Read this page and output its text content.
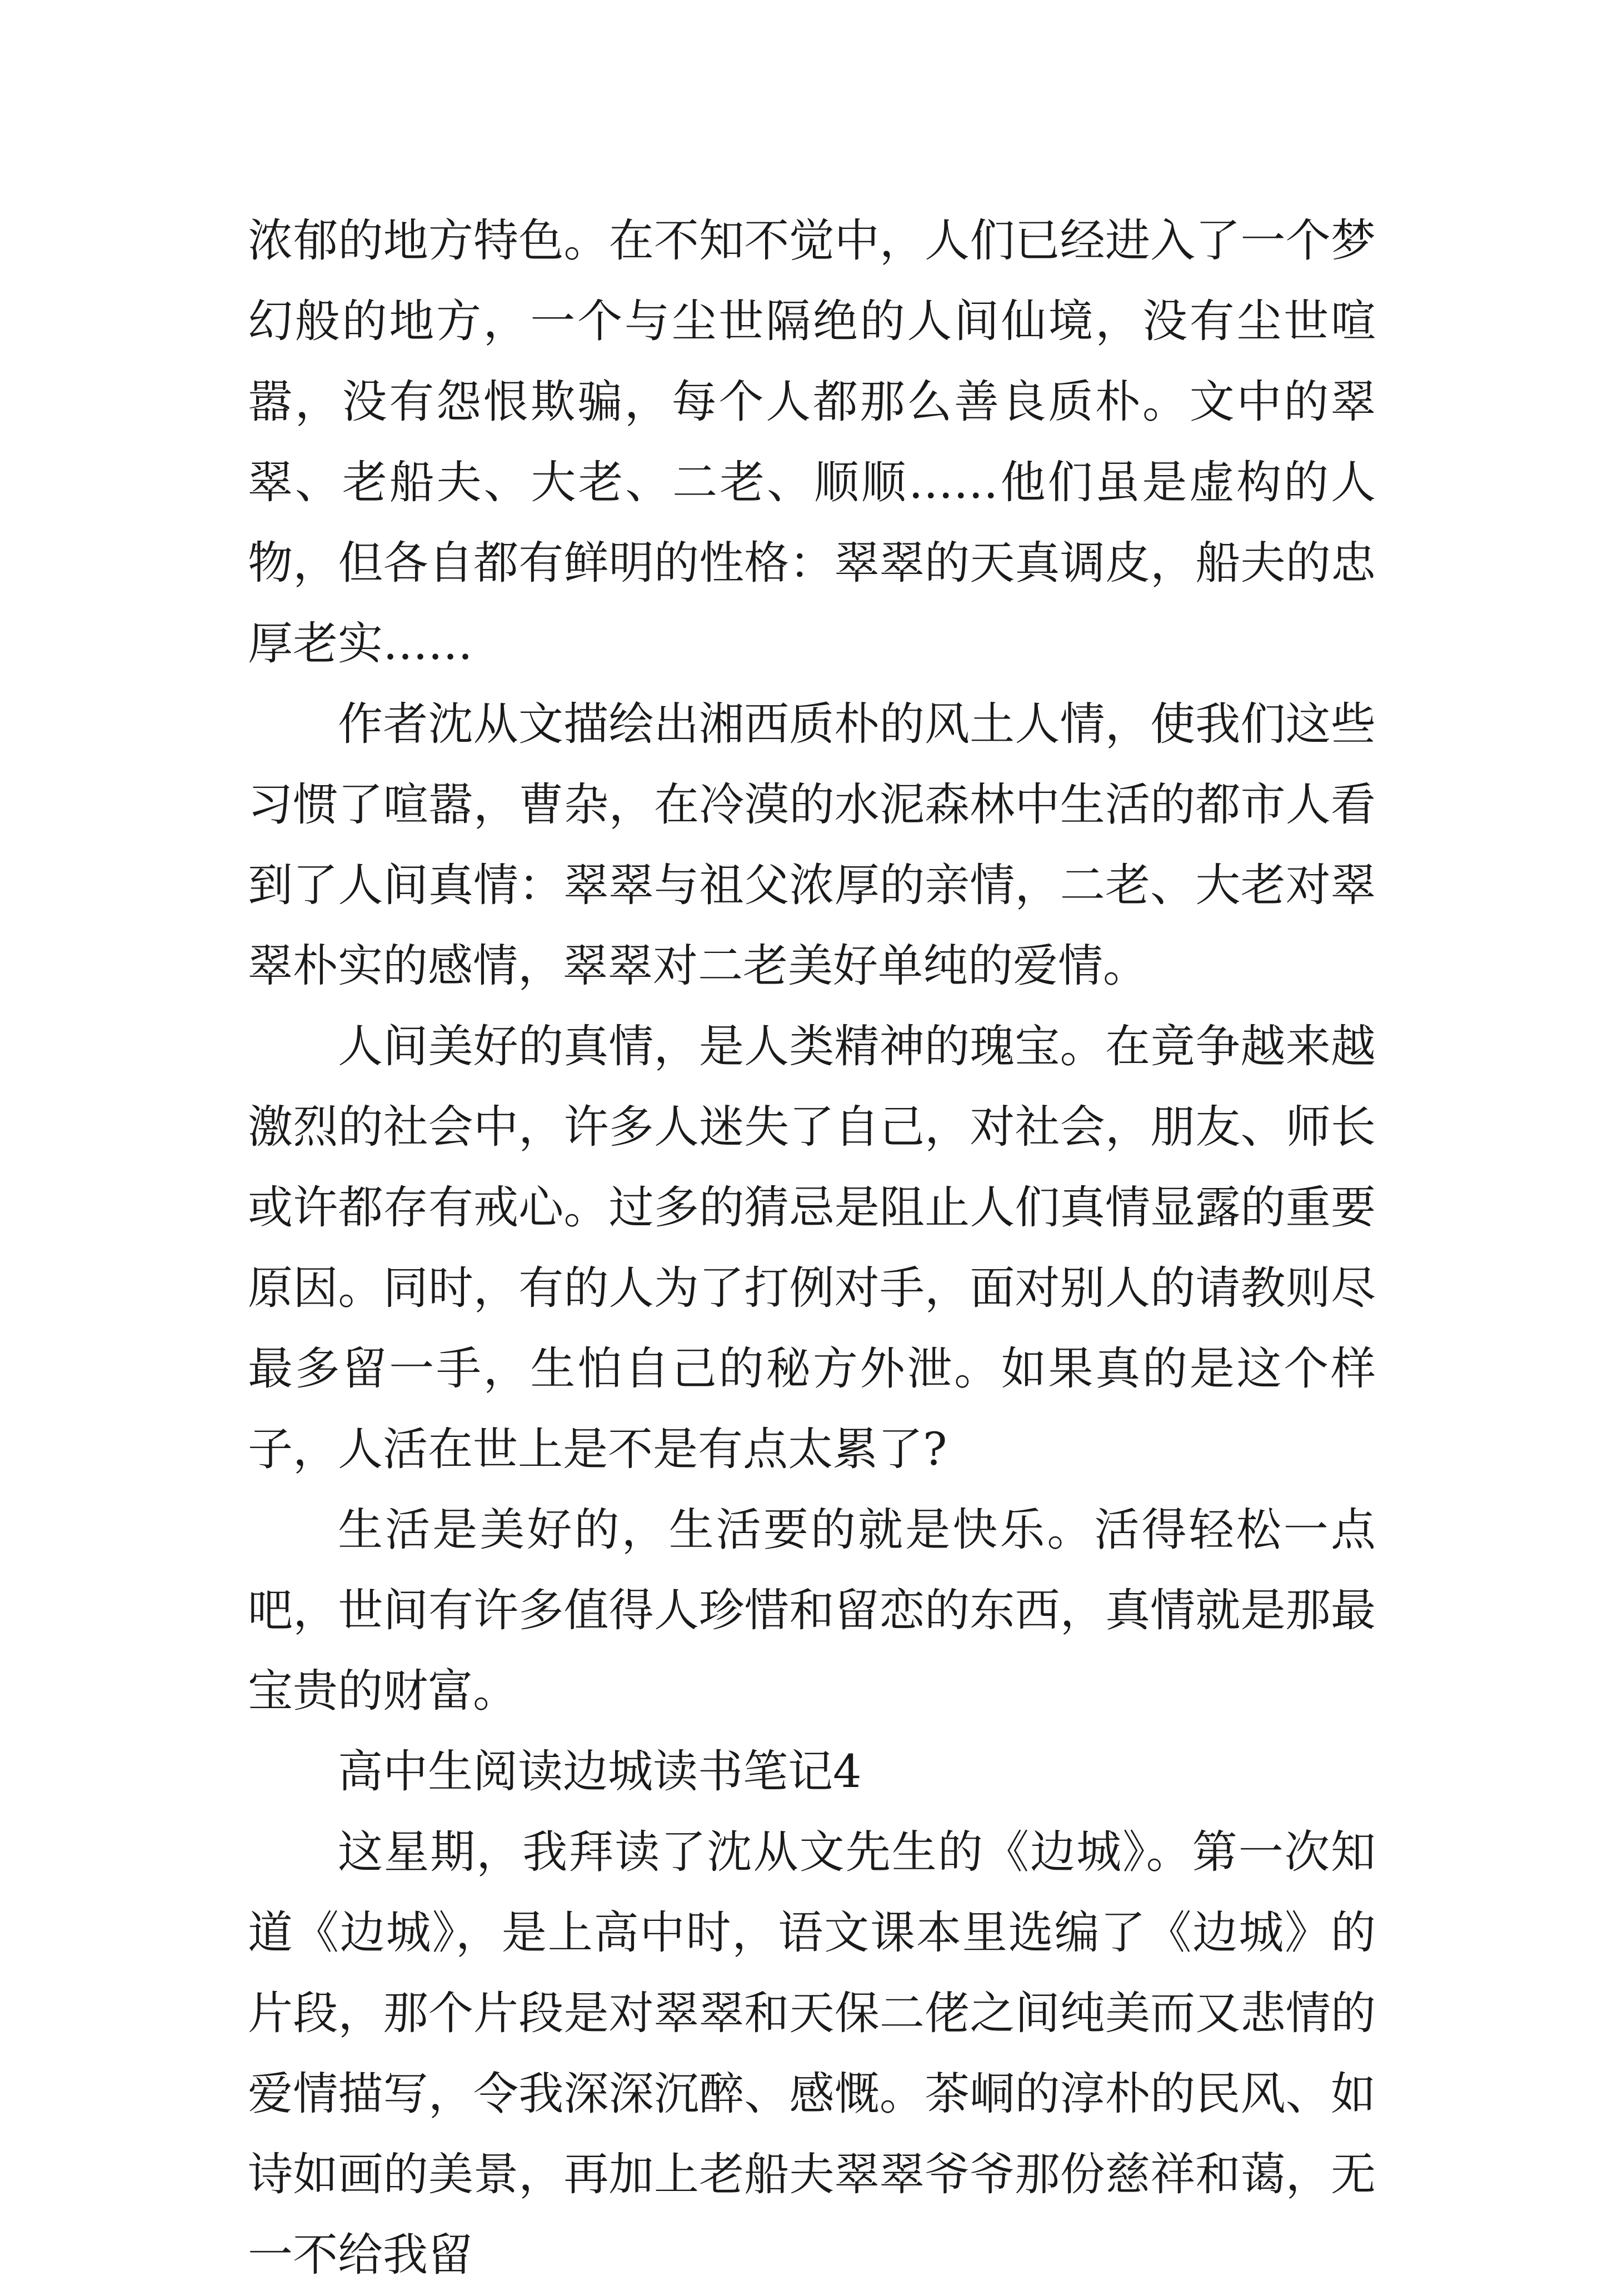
浓郁的地方特色。在不知不觉中，人们已经进入了一个梦幻般的地方，一个与尘世隔绝的人间仙境，没有尘世喧嚣，没有怨恨欺骗，每个人都那么善良质朴。文中的翠翠、老船夫、大老、二老、顺顺……他们虽是虚构的人物，但各自都有鲜明的性格：翠翠的天真调皮，船夫的忠厚老实……

作者沈从文描绘出湘西质朴的风土人情，使我们这些习惯了喧嚣，曹杂，在冷漠的水泥森林中生活的都市人看到了人间真情：翠翠与祖父浓厚的亲情，二老、大老对翠翠朴实的感情，翠翠对二老美好单纯的爱情。

人间美好的真情，是人类精神的瑰宝。在竟争越来越激烈的社会中，许多人迷失了自己，对社会，朋友、师长或许都存有戒心。过多的猜忌是阻止人们真情显露的重要原因。同时，有的人为了打例对手，面对别人的请教则尽最多留一手，生怕自己的秘方外泄。如果真的是这个样子，人活在世上是不是有点太累了?

生活是美好的，生活要的就是快乐。活得轻松一点吧，世间有许多值得人珍惜和留恋的东西，真情就是那最宝贵的财富。

高中生阅读边城读书笔记4

这星期，我拜读了沈从文先生的《边城》。第一次知道《边城》，是上高中时，语文课本里选编了《边城》的片段，那个片段是对翠翠和天保二佬之间纯美而又悲情的爱情描写，令我深深沉醉、感慨。茶峒的淳朴的民风、如诗如画的美景，再加上老船夫翠翠爷爷那份慈祥和蔼，无一不给我留
